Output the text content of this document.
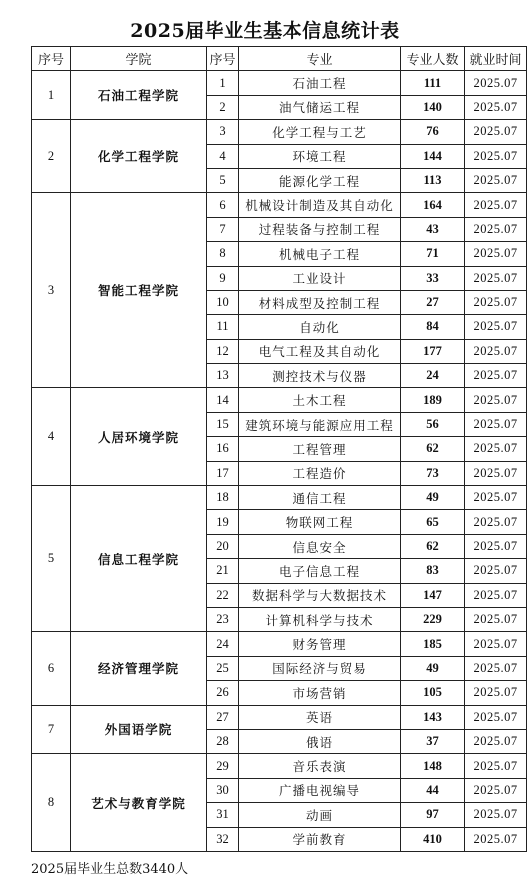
2025届毕业生基本信息统计表
序号	学院	序号	专业	专业人数	就业时间
1	石油工程学院	1	石油工程	111	2025.07
		2	油气储运工程	140	2025.07
2	化学工程学院	3	化学工程与工艺	76	2025.07
		4	环境工程	144	2025.07
		5	能源化学工程	113	2025.07
3	智能工程学院	6	机械设计制造及其自动化	164	2025.07
		7	过程装备与控制工程	43	2025.07
		8	机械电子工程	71	2025.07
		9	工业设计	33	2025.07
		10	材料成型及控制工程	27	2025.07
		11	自动化	84	2025.07
		12	电气工程及其自动化	177	2025.07
		13	测控技术与仪器	24	2025.07
4	人居环境学院	14	土木工程	189	2025.07
		15	建筑环境与能源应用工程	56	2025.07
		16	工程管理	62	2025.07
		17	工程造价	73	2025.07
5	信息工程学院	18	通信工程	49	2025.07
		19	物联网工程	65	2025.07
		20	信息安全	62	2025.07
		21	电子信息工程	83	2025.07
		22	数据科学与大数据技术	147	2025.07
		23	计算机科学与技术	229	2025.07
6	经济管理学院	24	财务管理	185	2025.07
		25	国际经济与贸易	49	2025.07
		26	市场营销	105	2025.07
7	外国语学院	27	英语	143	2025.07
		28	俄语	37	2025.07
8	艺术与教育学院	29	音乐表演	148	2025.07
		30	广播电视编导	44	2025.07
		31	动画	97	2025.07
		32	学前教育	410	2025.07
2025届毕业生总数3440人
